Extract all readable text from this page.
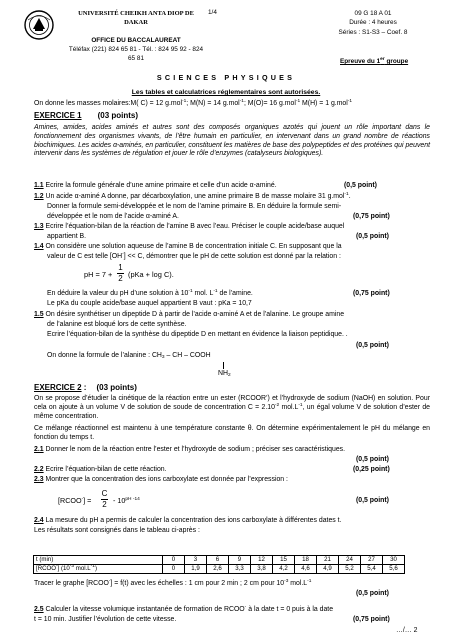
UNIVERSITÉ CHEIKH ANTA DIOP DE DAKAR
OFFICE DU BACCALAUREAT
Téléfax (221) 824 65 81 - Tél. : 824 95 92 - 824 65 81
1/4	09 G 18 A 01
Durée : 4 heures
Séries : S1-S3 – Coef. 8
Epreuve du 1er groupe
SCIENCES PHYSIQUES
Les tables et calculatrices réglementaires sont autorisées.
On donne les masses molaires:M( C) = 12 g.mol$^{-1}$; M(N) = 14 g.mol$^{-1}$; M(O)= 16 g.mol$^{-1}$ M(H) = 1 g.mol$^{-1}$
EXERCICE 1 (03 points)
Amines, amides, acides aminés et autres sont des composés organiques azotés qui jouent un rôle important dans le fonctionnement des organismes vivants, de l’être humain en particulier, en intervenant dans un grand nombre de réactions biochimiques. Les acides α-aminés, en particulier, constituent les matières de base des polypeptides et des protéines qui peuvent intervenir dans les systèmes de régulation et jouer le rôle d’enzymes (catalyseurs biologiques).
1.1 Ecrire la formule générale d’une amine primaire et celle d’un acide α-aminé.	(0,5 point)
1.2 Un acide α-aminé A donne, par décarboxylation, une amine primaire B de masse molaire 31 g.mol$^{-1}$.
Donner la formule semi-développée et le nom de l’amine primaire B. En déduire la formule semi-
développée et le nom de l’acide α-aminé A.	(0,75 point)
1.3 Ecrire l’équation-bilan de la réaction de l’amine B avec l’eau. Préciser le couple acide/base auquel
appartient B.	(0,5 point)
1.4 On considère une solution aqueuse de l’amine B de concentration initiale C. En supposant que la
valeur de C est telle [OH-] << C, démontrer que le pH de cette solution est donné par la relation :
pH = 7 +
1
2 (pKa + log C).
En déduire la valeur du pH d’une solution à $10^{-1}$ mol. $L^{-1}$ de l’amine.	(0,75 point)
Le pKa du couple acide/base auquel appartient B vaut : pKa = 10,7
1.5 On désire synthétiser un dipeptide D à partir de l’acide α-aminé A et de l’alanine. Le groupe amine
de l’alanine est bloqué lors de cette synthèse.
Ecrire l’équation-bilan de la synthèse du dipeptide D en mettant en évidence la liaison peptidique. .
(0,5 point)
On donne la formule de l’alanine : $CH_3$ – CH – COOH
$NH_2$
EXERCICE 2 : (03 points)
On se propose d’étudier la cinétique de la réaction entre un ester (RCOOR’) et l’hydroxyde de sodium (NaOH) en solution. Pour cela on ajoute à un volume V de solution de soude de concentration $C = 2.10^{-2}$ $mol.L^{-1}$, un égal volume V de solution d’ester de même concentration.
Ce mélange réactionnel est maintenu à une température constante θ. On détermine expérimentalement le pH du mélange en fonction du temps t.
2.1 Donner le nom de la réaction entre l’ester et l’hydroxyde de sodium ; préciser ses caractéristiques.
(0,5 point)
2.2 Ecrire l’équation-bilan de cette réaction.	(0,25 point)
2.3 Montrer que la concentration des ions carboxylate est donnée par l’expression :
[RCOO-] =
C
$2 - 10^{pH -14}$	(0,5 point)
2.4 La mesure du pH a permis de calculer la concentration des ions carboxylate à différentes dates t.
Les résultats sont consignés dans le tableau ci-après :
t (min)	0	3	6	9	12	15	18	21	24	27	30
[RCOO-] ($10^{-3}$ $mol.L^{-1}$)	0	1,9	2,6	3,3	3,8	4,2	4,6	4,9	5,2	5,4	5,6
Tracer le graphe [RCOO-] = f(t) avec les échelles : 1 cm pour 2 min ; 2 cm pour $10^{-3}$ $mol.L^{-1}$
(0,5 point)
2.5 Calculer la vitesse volumique instantanée de formation de RCOO- à la date t = 0 puis à la date
t = 10 min. Justifier l’évolution de cette vitesse.	(0,75 point)
…/… 2
